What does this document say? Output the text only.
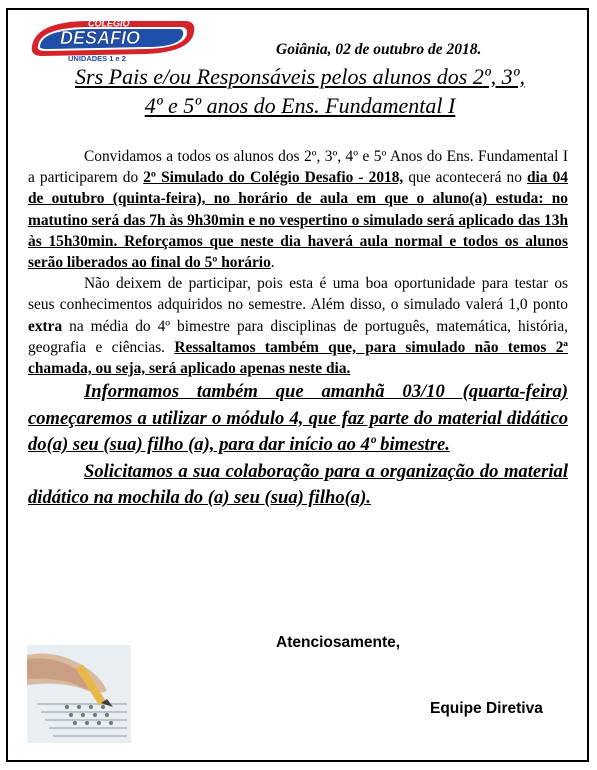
COLÉGIO
DESAFIO
UNIDADES 1 e 2
Goiânia, 02 de outubro de 2018.
Srs Pais e/ou Responsáveis pelos alunos dos 2º, 3º,
4º e 5º anos do Ens. Fundamental I

Convidamos a todos os alunos dos 2º, 3º, 4º e 5º Anos do Ens. Fundamental I a participarem do 2º Simulado do Colégio Desafio - 2018, que acontecerá no dia 04 de outubro (quinta-feira), no horário de aula em que o aluno(a) estuda: no matutino será das 7h às 9h30min e no vespertino o simulado será aplicado das 13h às 15h30min. Reforçamos que neste dia haverá aula normal e todos os alunos serão liberados ao final do 5º horário.

Não deixem de participar, pois esta é uma boa oportunidade para testar os seus conhecimentos adquiridos no semestre. Além disso, o simulado valerá 1,0 ponto extra na média do 4º bimestre para disciplinas de português, matemática, história, geografia e ciências. Ressaltamos também que, para simulado não temos 2ª chamada, ou seja, será aplicado apenas neste dia.

Informamos também que amanhã 03/10 (quarta-feira) começaremos a utilizar o módulo 4, que faz parte do material didático do(a) seu (sua) filho (a), para dar início ao 4º bimestre.

Solicitamos a sua colaboração para a organização do material didático na mochila do (a) seu (sua) filho(a).

Atenciosamente,
Equipe Diretiva
